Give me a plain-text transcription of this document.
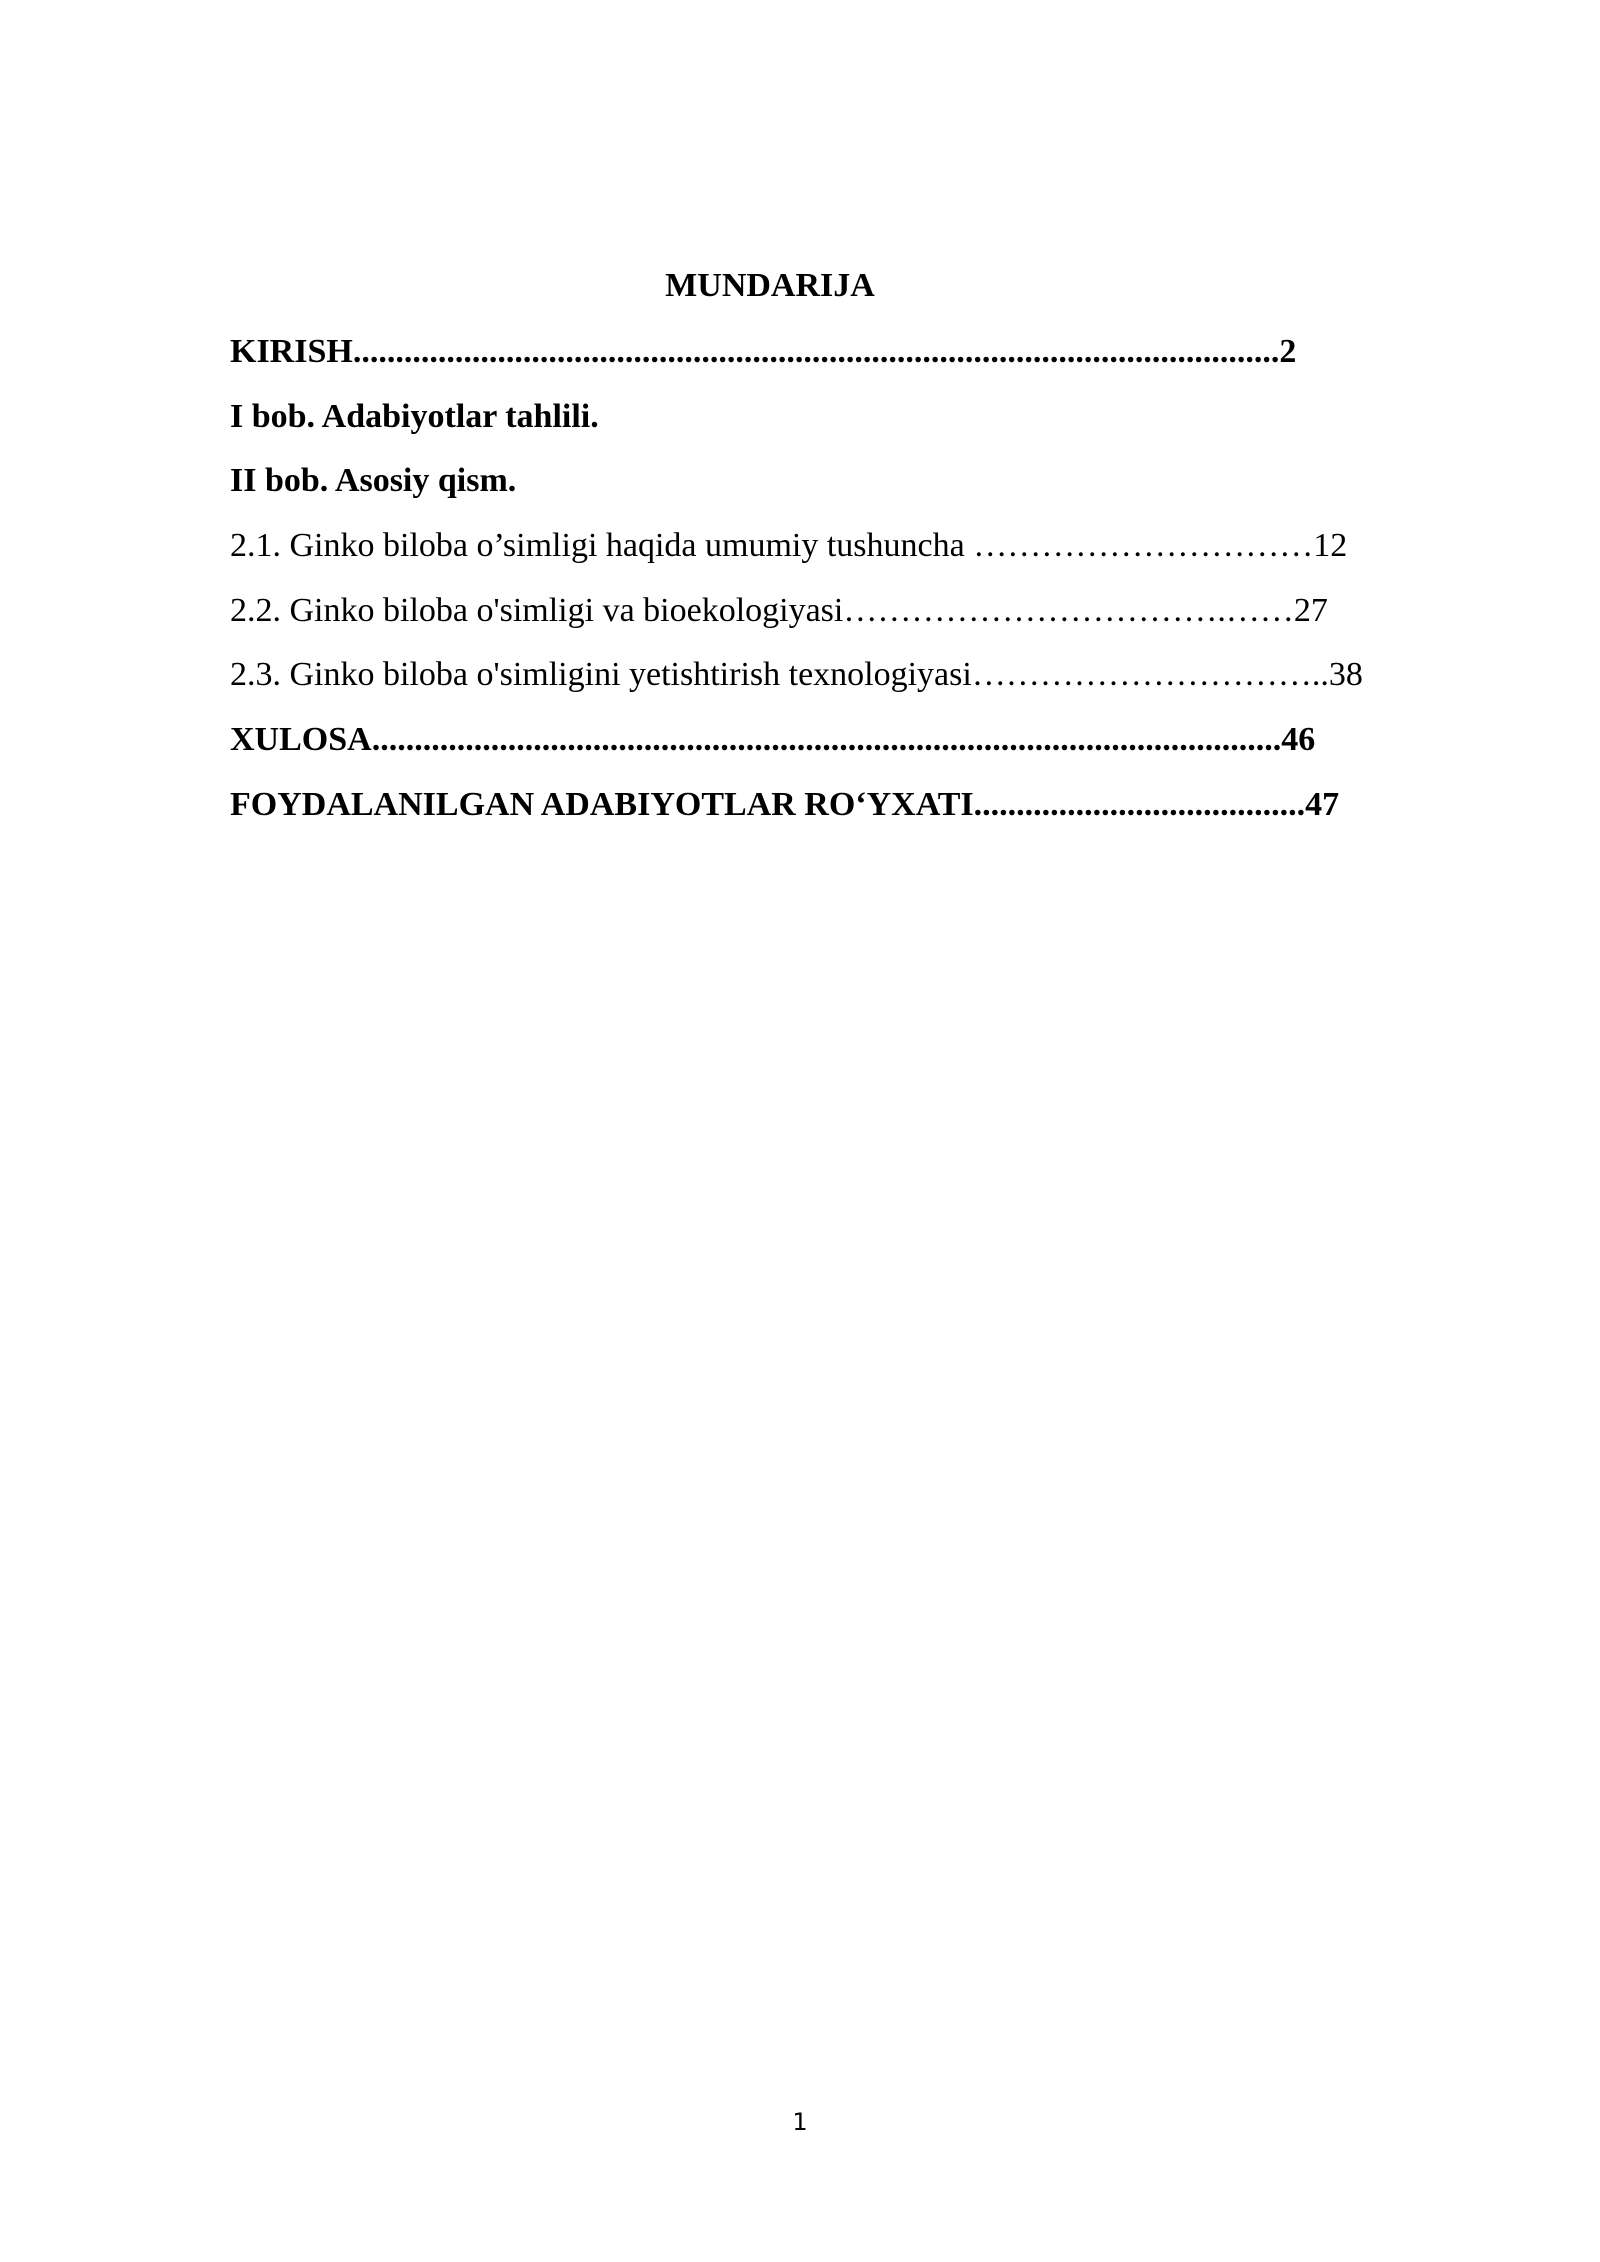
MUNDARIJA

KIRISH.............................................................................................................2

I bob. Adabiyotlar tahlili.

II bob. Asosiy qism.

2.1. Ginko biloba o’simligi haqida umumiy tushuncha …………………………12

2.2. Ginko biloba o'simligi va bioekologiyasi…………………………….……27

2.3. Ginko biloba o'simligini yetishtirish texnologiyasi…………………………..38

XULOSA...........................................................................................................46

FOYDALANILGAN ADABIYOTLAR RO‘YXATI.......................................47

1
